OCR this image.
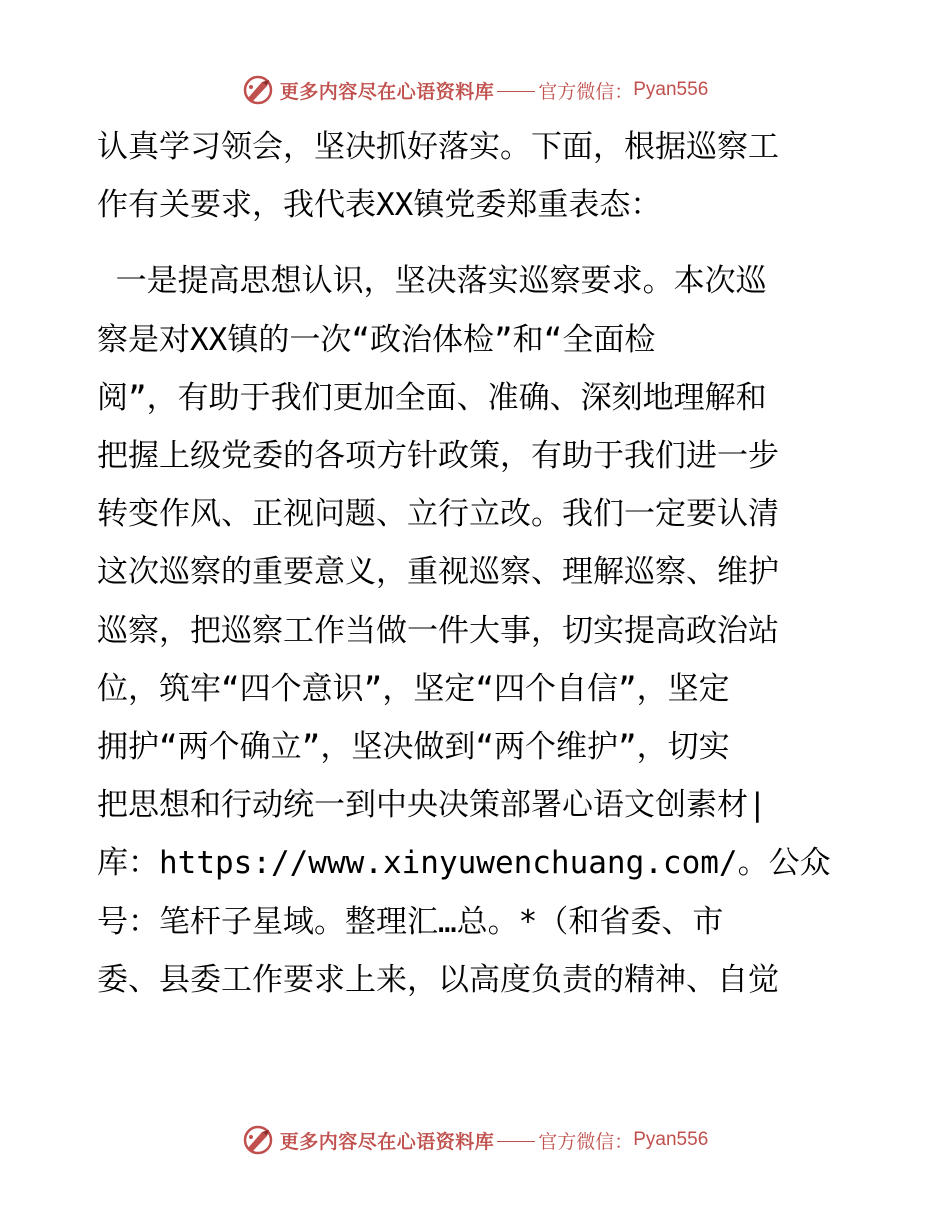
更多内容尽在心语资料库 官方微信： Pyan556

认真学习领会，坚决抓好落实。下面，根据巡察工

作有关要求，我代表XX镇党委郑重表态：

一是提高思想认识，坚决落实巡察要求。本次巡

察是对XX镇的一次“政治体检”和“全面检

阅”，有助于我们更加全面、准确、深刻地理解和

把握上级党委的各项方针政策，有助于我们进一步

转变作风、正视问题、立行立改。我们一定要认清

这次巡察的重要意义，重视巡察、理解巡察、维护

巡察，把巡察工作当做一件大事，切实提高政治站

位，筑牢“四个意识”，坚定“四个自信”，坚定

拥护“两个确立”，坚决做到“两个维护”，切实

把思想和行动统一到中央决策部署心语文创素材|

库：https://www.xinyuwenchuang.com/。公众

号：笔杆子星域。整理汇…总。*（和省委、市

委、县委工作要求上来，以高度负责的精神、自觉

更多内容尽在心语资料库 官方微信： Pyan556
